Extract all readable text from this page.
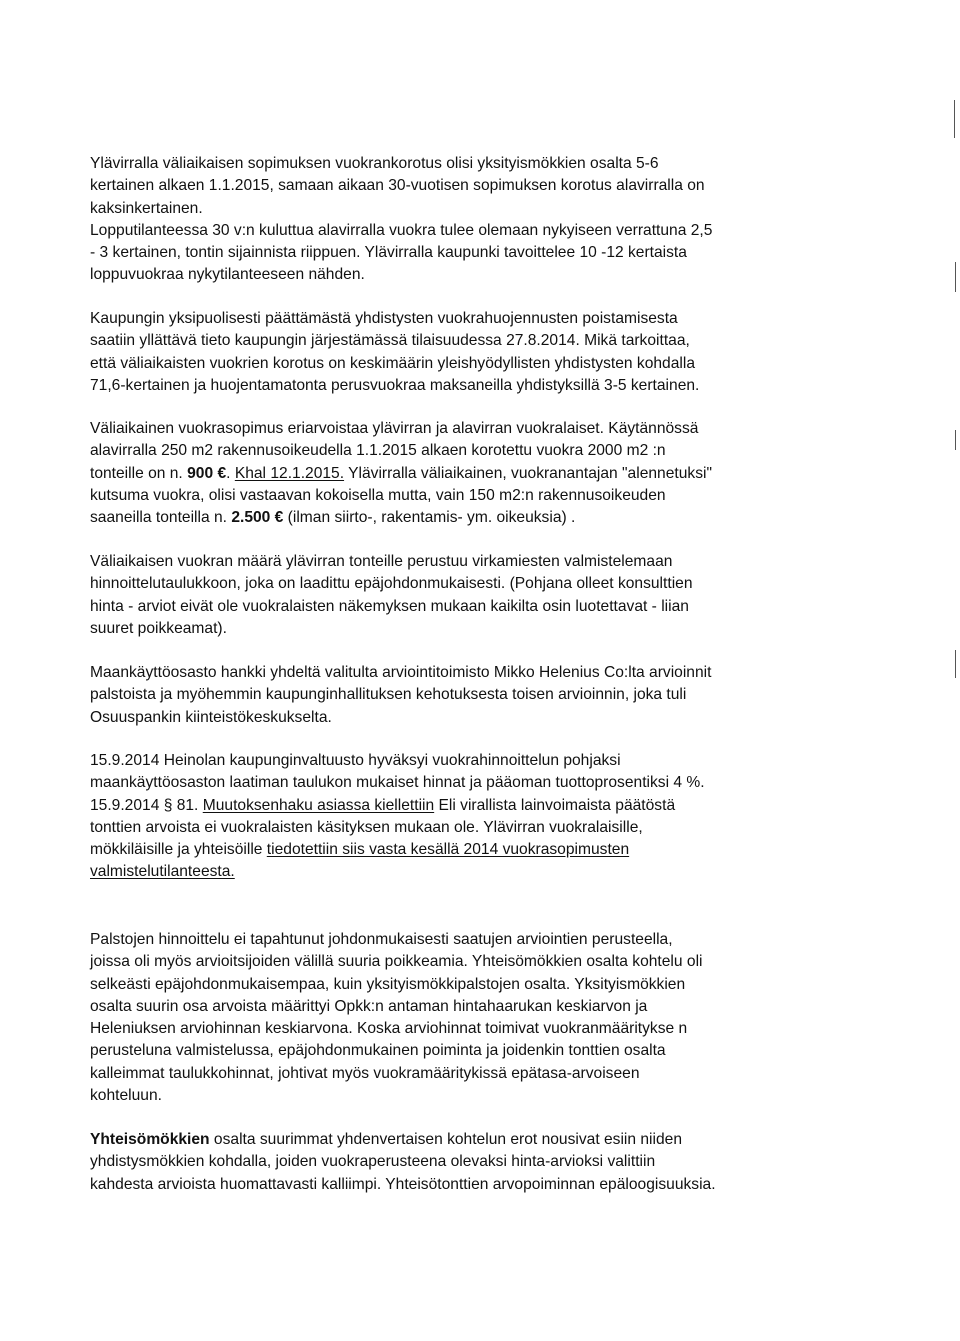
Ylävirralla väliaikaisen sopimuksen vuokrankorotus olisi yksityismökkien osalta 5-6
kertainen alkaen 1.1.2015, samaan aikaan 30-vuotisen sopimuksen korotus alavirralla on
kaksinkertainen.
Lopputilanteessa 30 v:n kuluttua alavirralla vuokra tulee olemaan nykyiseen verrattuna 2,5
- 3 kertainen, tontin sijainnista riippuen. Ylävirralla kaupunki tavoittelee 10 -12 kertaista
loppuvuokraa nykytilanteeseen nähden.
Kaupungin yksipuolisesti päättämästä yhdistysten vuokrahuojennusten poistamisesta
saatiin yllättävä tieto kaupungin järjestämässä tilaisuudessa 27.8.2014. Mikä tarkoittaa,
että väliaikaisten vuokrien korotus on keskimäärin yleishyödyllisten yhdistysten kohdalla
71,6-kertainen ja huojentamatonta perusvuokraa maksaneilla yhdistyksillä 3-5 kertainen.
Väliaikainen vuokrasopimus eriarvoistaa ylävirran ja alavirran vuokralaiset. Käytännössä
alavirralla 250 m2 rakennusoikeudella 1.1.2015 alkaen korotettu vuokra 2000 m2 :n
tonteille on n. 900 €. Khal 12.1.2015. Ylävirralla väliaikainen, vuokranantajan "alennetuksi"
kutsuma vuokra, olisi vastaavan kokoisella mutta, vain 150 m2:n rakennusoikeuden
saaneilla tonteilla n. 2.500 € (ilman siirto-, rakentamis- ym. oikeuksia) .
Väliaikaisen vuokran määrä ylävirran tonteille perustuu virkamiesten valmistelemaan
hinnoittelutaulukkoon, joka on laadittu epäjohdonmukaisesti. (Pohjana olleet konsulttien
hinta - arviot eivät ole vuokralaisten näkemyksen mukaan kaikilta osin luotettavat - liian
suuret poikkeamat).
Maankäyttöosasto hankki yhdeltä valitulta arviointitoimisto Mikko Helenius Co:lta arvioinnit
palstoista ja myöhemmin kaupunginhallituksen kehotuksesta toisen arvioinnin, joka tuli
Osuuspankin kiinteistökeskukselta.
15.9.2014 Heinolan kaupunginvaltuusto hyväksyi vuokrahinnoittelun pohjaksi
maankäyttöosaston laatiman taulukon mukaiset hinnat ja pääoman tuottoprosentiksi 4 %.
15.9.2014 § 81. Muutoksenhaku asiassa kiellettiin Eli virallista lainvoimaista päätöstä
tonttien arvoista ei vuokralaisten käsityksen mukaan ole. Ylävirran vuokralaisille,
mökkiläisille ja yhteisöille tiedotettiin siis vasta kesällä 2014 vuokrasopimusten
valmistelutilanteesta.
Palstojen hinnoittelu ei tapahtunut johdonmukaisesti saatujen arviointien perusteella,
joissa oli myös arvioitsijoiden välillä suuria poikkeamia. Yhteisömökkien osalta kohtelu oli
selkeästi epäjohdonmukaisempaa, kuin yksityismökkipalstojen osalta. Yksityismökkien
osalta suurin osa arvoista määrittyi Opkk:n antaman hintahaarukan keskiarvon ja
Heleniuksen arviohinnan keskiarvona. Koska arviohinnat toimivat vuokranmääritykse n
perusteluna valmistelussa, epäjohdonmukainen poiminta ja joidenkin tonttien osalta
kalleimmat taulukkohinnat, johtivat myös vuokramääritykissä epätasa-arvoiseen
kohteluun.
Yhteisömökkien osalta suurimmat yhdenvertaisen kohtelun erot nousivat esiin niiden
yhdistysmökkien kohdalla, joiden vuokraperusteena olevaksi hinta-arvioksi valittiin
kahdesta arvioista huomattavasti kalliimpi. Yhteisötonttien arvopoiminnan epäloogisuuksia.
